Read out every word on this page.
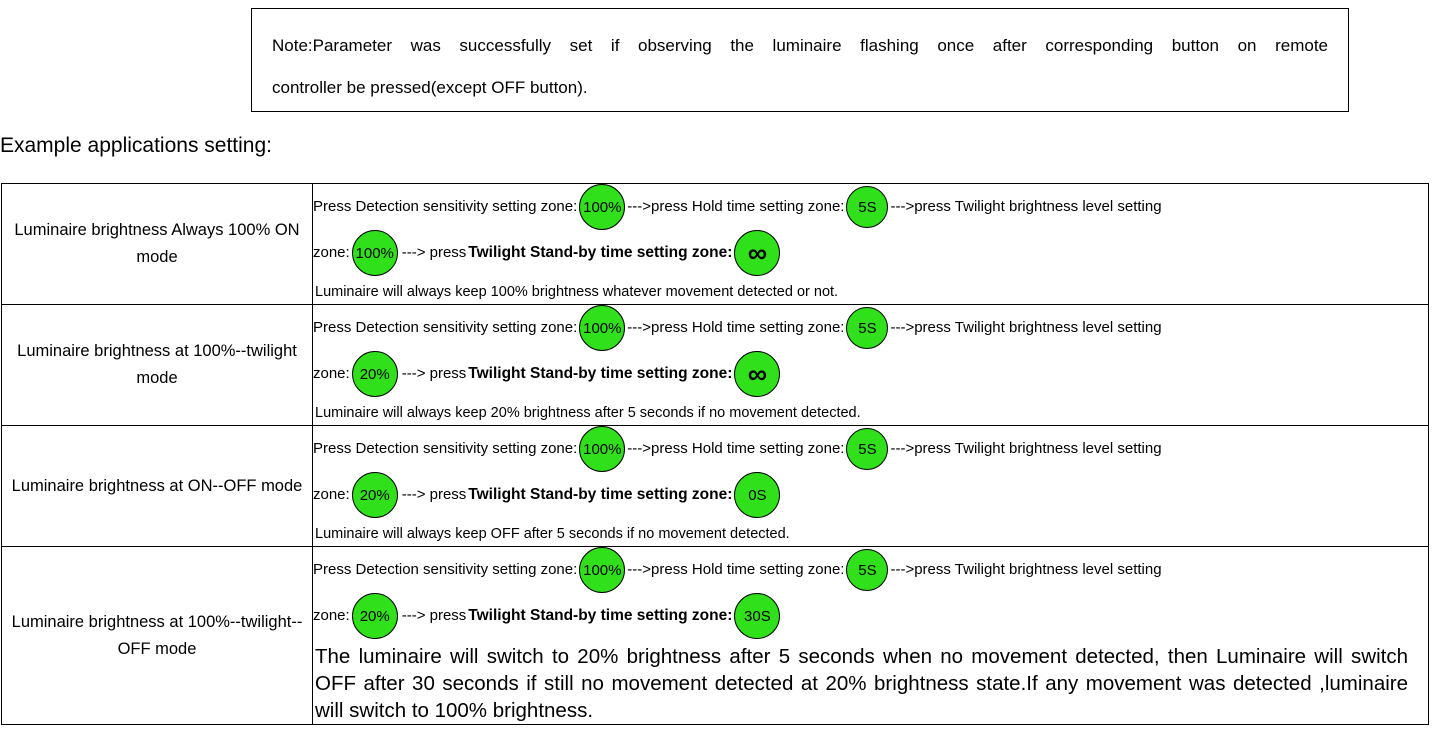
Note:Parameter was successfully set if observing the luminaire flashing once after corresponding button on remote
controller be pressed(except OFF button).
Example applications setting:
Luminaire brightness Always 100% ON mode	
Press Detection sensitivity setting zone: 100% --->press Hold time setting zone: 5S --->press Twilight brightness level setting
zone: 100% ---> press Twilight Stand-by time setting zone: ∞
Luminaire will always keep 100% brightness whatever movement detected or not.

Luminaire brightness at 100%--twilight mode	
Press Detection sensitivity setting zone: 100% --->press Hold time setting zone: 5S --->press Twilight brightness level setting
zone: 20% ---> press Twilight Stand-by time setting zone: ∞
Luminaire will always keep 20% brightness after 5 seconds if no movement detected.

Luminaire brightness at ON--OFF mode	
Press Detection sensitivity setting zone: 100% --->press Hold time setting zone: 5S --->press Twilight brightness level setting
zone: 20% ---> press Twilight Stand-by time setting zone:	0S
Luminaire will always keep OFF after 5 seconds if no movement detected.

Luminaire brightness at 100%--twilight--OFF mode	
Press Detection sensitivity setting zone: 100% --->press Hold time setting zone: 5S --->press Twilight brightness level setting
zone: 20% ---> press Twilight Stand-by time setting zone: 30S
The luminaire will switch to 20% brightness after 5 seconds when no movement detected, then Luminaire will switch OFF after 30 seconds if still no movement detected at 20% brightness state.If any movement was detected ,luminaire will switch to 100% brightness.
